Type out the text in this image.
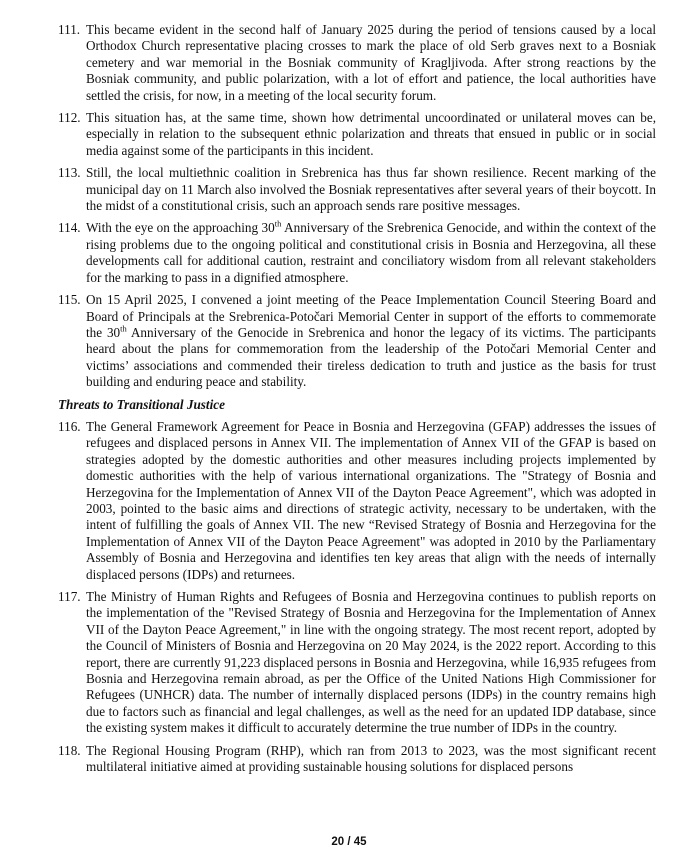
111. This became evident in the second half of January 2025 during the period of tensions caused by a local Orthodox Church representative placing crosses to mark the place of old Serb graves next to a Bosniak cemetery and war memorial in the Bosniak community of Kragljivoda. After strong reactions by the Bosniak community, and public polarization, with a lot of effort and patience, the local authorities have settled the crisis, for now, in a meeting of the local security forum.
112. This situation has, at the same time, shown how detrimental uncoordinated or unilateral moves can be, especially in relation to the subsequent ethnic polarization and threats that ensued in public or in social media against some of the participants in this incident.
113. Still, the local multiethnic coalition in Srebrenica has thus far shown resilience. Recent marking of the municipal day on 11 March also involved the Bosniak representatives after several years of their boycott. In the midst of a constitutional crisis, such an approach sends rare positive messages.
114. With the eye on the approaching 30th Anniversary of the Srebrenica Genocide, and within the context of the rising problems due to the ongoing political and constitutional crisis in Bosnia and Herzegovina, all these developments call for additional caution, restraint and conciliatory wisdom from all relevant stakeholders for the marking to pass in a dignified atmosphere.
115. On 15 April 2025, I convened a joint meeting of the Peace Implementation Council Steering Board and Board of Principals at the Srebrenica-Potočari Memorial Center in support of the efforts to commemorate the 30th Anniversary of the Genocide in Srebrenica and honor the legacy of its victims. The participants heard about the plans for commemoration from the leadership of the Potočari Memorial Center and victims’ associations and commended their tireless dedication to truth and justice as the basis for trust building and enduring peace and stability.
Threats to Transitional Justice
116. The General Framework Agreement for Peace in Bosnia and Herzegovina (GFAP) addresses the issues of refugees and displaced persons in Annex VII. The implementation of Annex VII of the GFAP is based on strategies adopted by the domestic authorities and other measures including projects implemented by domestic authorities with the help of various international organizations. The "Strategy of Bosnia and Herzegovina for the Implementation of Annex VII of the Dayton Peace Agreement", which was adopted in 2003, pointed to the basic aims and directions of strategic activity, necessary to be undertaken, with the intent of fulfilling the goals of Annex VII. The new “Revised Strategy of Bosnia and Herzegovina for the Implementation of Annex VII of the Dayton Peace Agreement" was adopted in 2010 by the Parliamentary Assembly of Bosnia and Herzegovina and identifies ten key areas that align with the needs of internally displaced persons (IDPs) and returnees.
117. The Ministry of Human Rights and Refugees of Bosnia and Herzegovina continues to publish reports on the implementation of the "Revised Strategy of Bosnia and Herzegovina for the Implementation of Annex VII of the Dayton Peace Agreement," in line with the ongoing strategy. The most recent report, adopted by the Council of Ministers of Bosnia and Herzegovina on 20 May 2024, is the 2022 report. According to this report, there are currently 91,223 displaced persons in Bosnia and Herzegovina, while 16,935 refugees from Bosnia and Herzegovina remain abroad, as per the Office of the United Nations High Commissioner for Refugees (UNHCR) data. The number of internally displaced persons (IDPs) in the country remains high due to factors such as financial and legal challenges, as well as the need for an updated IDP database, since the existing system makes it difficult to accurately determine the true number of IDPs in the country.
118. The Regional Housing Program (RHP), which ran from 2013 to 2023, was the most significant recent multilateral initiative aimed at providing sustainable housing solutions for displaced persons
20 / 45
